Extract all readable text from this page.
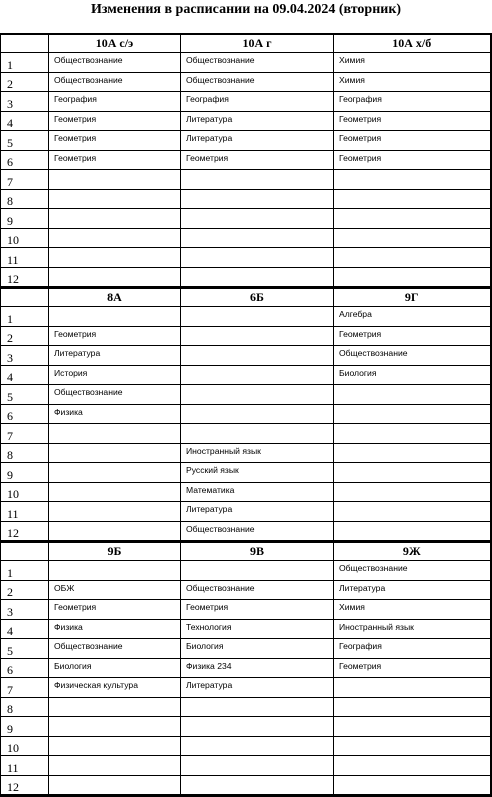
Изменения в расписании на 09.04.2024 (вторник)
	10А с/э	10А г	10А х/б
1	Обществознание	Обществознание	Химия
2	Обществознание	Обществознание	Химия
3	География	География	География
4	Геометрия	Литература	Геометрия
5	Геометрия	Литература	Геометрия
6	Геометрия	Геометрия	Геометрия
7			
8			
9			
10			
11			
12			
	8А	6Б	9Г
1			Алгебра
2	Геометрия		Геометрия
3	Литература		Обществознание
4	История		Биология
5	Обществознание		
6	Физика		
7			
8		Иностранный язык	
9		Русский язык	
10		Математика	
11		Литература	
12		Обществознание	
	9Б	9В	9Ж
1			Обществознание
2	ОБЖ	Обществознание	Литература
3	Геометрия	Геометрия	Химия
4	Физика	Технология	Иностранный язык
5	Обществознание	Биология	География
6	Биология	Физика 234	Геометрия
7	Физическая культура	Литература	
8			
9			
10			
11			
12			
